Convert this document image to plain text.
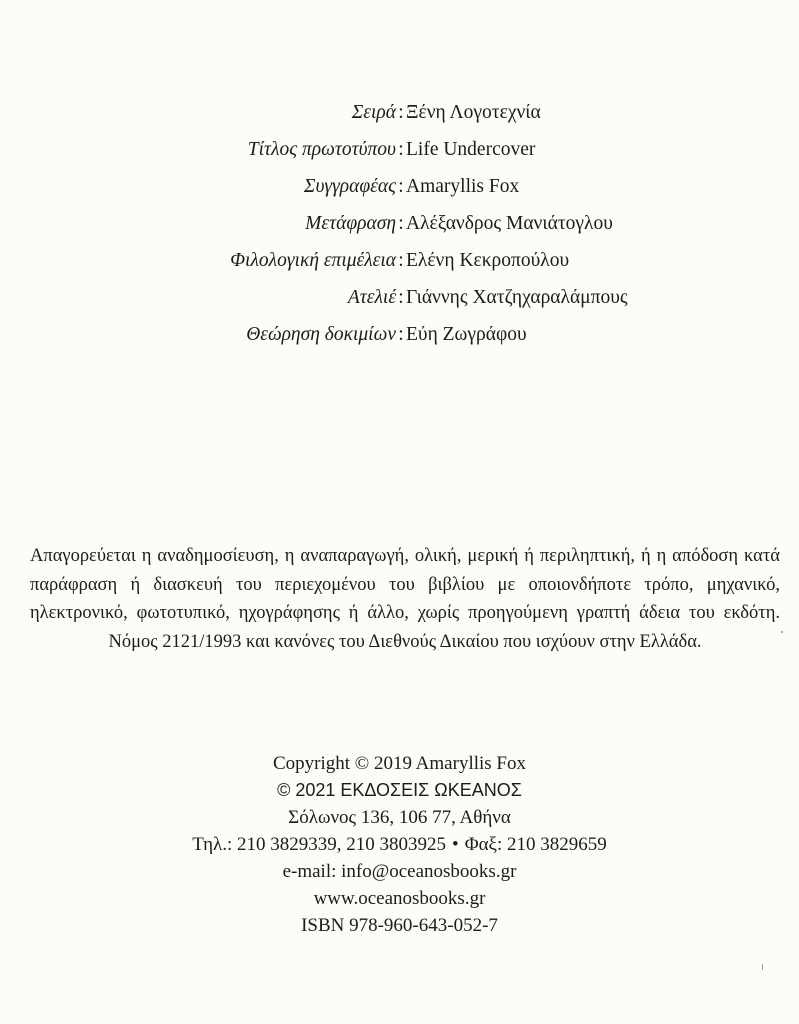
Σειρά : Ξένη Λογοτεχνία
Τίτλος πρωτοτύπου : Life Undercover
Συγγραφέας : Amaryllis Fox
Μετάφραση : Αλέξανδρος Μανιάτογλου
Φιλολογική επιμέλεια : Ελένη Κεκροπούλου
Ατελιέ : Γιάννης Χατζηχαραλάμπους
Θεώρηση δοκιμίων : Εύη Ζωγράφου

Απαγορεύεται η αναδημοσίευση, η αναπαραγωγή, ολική, μερική ή περιληπτική, ή η απόδοση κατά παράφραση ή διασκευή του περιεχομένου του βιβλίου με οποιονδήποτε τρόπο, μηχανικό, ηλεκτρονικό, φωτοτυπικό, ηχογράφησης ή άλλο, χωρίς προηγούμενη γραπτή άδεια του εκδότη. Νόμος 2121/1993 και κανόνες του Διεθνούς Δικαίου που ισχύουν στην Ελλάδα.

Copyright © 2019 Amaryllis Fox
© 2021 ΕΚΔΟΣΕΙΣ ΩΚΕΑΝΟΣ
Σόλωνος 136, 106 77, Αθήνα
Τηλ.: 210 3829339, 210 3803925 • Φαξ: 210 3829659
e-mail: info@oceanosbooks.gr
www.oceanosbooks.gr
ISBN 978-960-643-052-7
